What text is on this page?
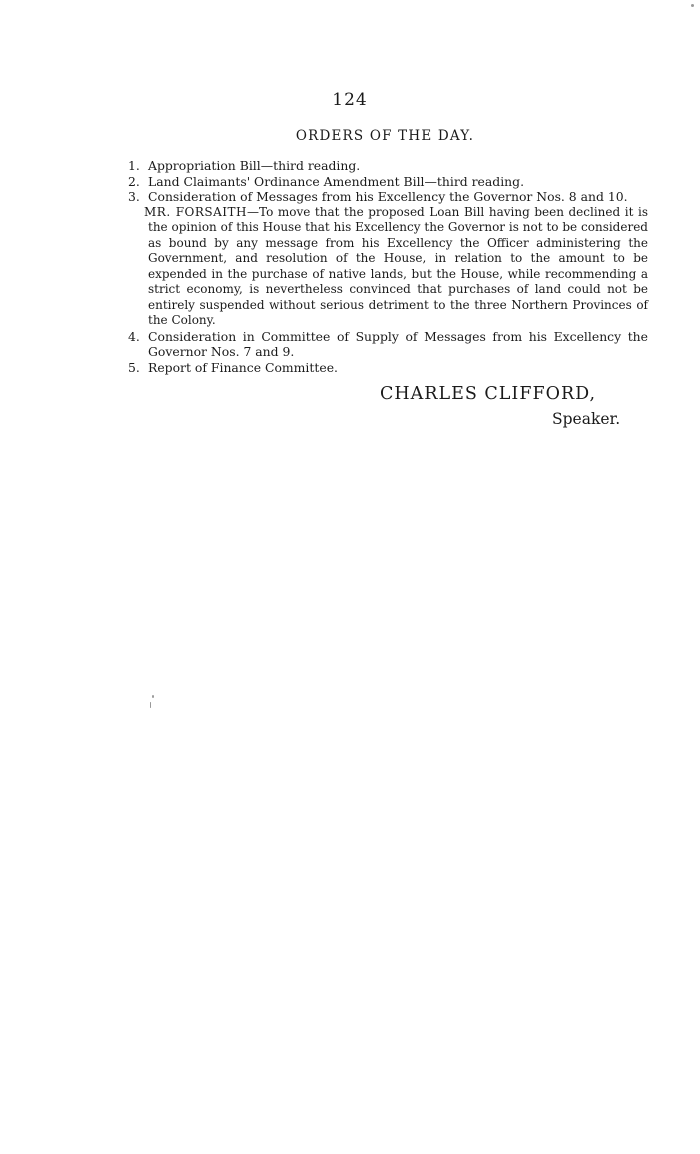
124
ORDERS OF THE DAY.
1. Appropriation Bill—third reading.
2. Land Claimants' Ordinance Amendment Bill—third reading.
3. Consideration of Messages from his Excellency the Governor Nos. 8 and 10.
MR. FORSAITH—To move that the proposed Loan Bill having been declined it is the opinion of this House that his Excellency the Governor is not to be considered as bound by any message from his Excellency the Officer administering the Government, and resolution of the House, in relation to the amount to be expended in the purchase of native lands, but the House, while recommending a strict economy, is nevertheless convinced that purchases of land could not be entirely suspended without serious detriment to the three Northern Provinces of the Colony.
4. Consideration in Committee of Supply of Messages from his Excellency the Governor Nos. 7 and 9.
5. Report of Finance Committee.
CHARLES CLIFFORD,
Speaker.
